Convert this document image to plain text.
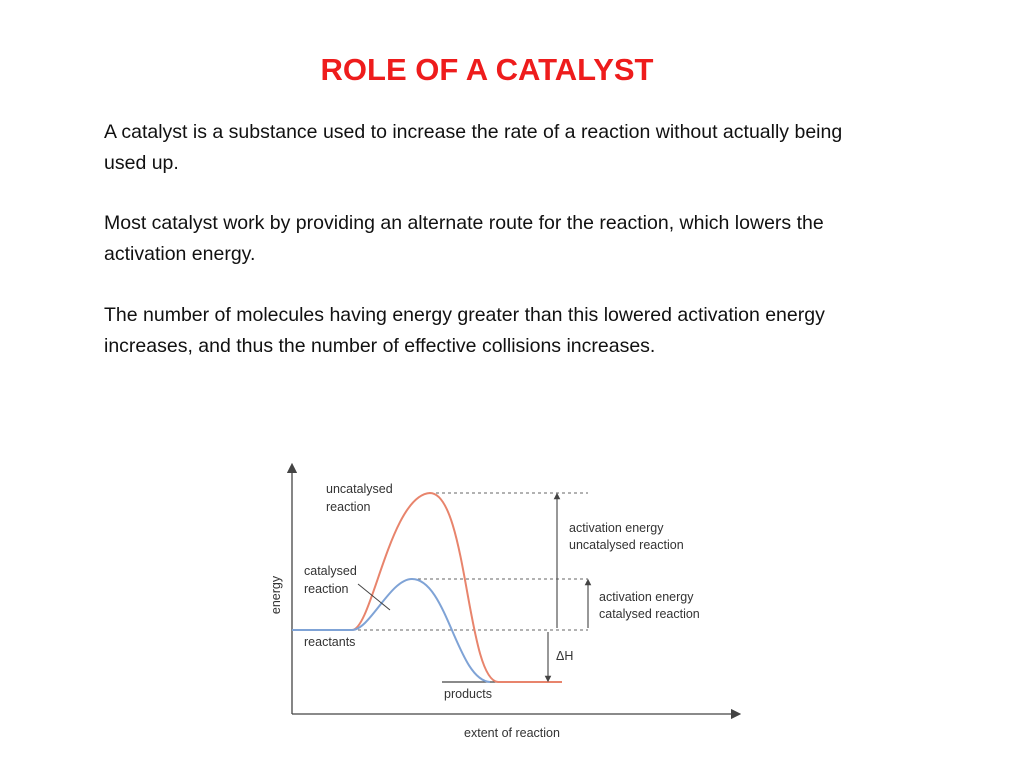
ROLE OF A CATALYST

A catalyst is a substance used to increase the rate of a reaction without actually being used up.

Most catalyst work by providing an alternate route for the reaction, which lowers the activation energy.

The number of molecules having energy greater than this lowered activation energy increases, and thus the number of effective collisions increases.

energy
extent of reaction
uncatalysed
reaction
catalysed
reaction
reactants
products
activation energy
uncatalysed reaction
activation energy
catalysed reaction
ΔH
